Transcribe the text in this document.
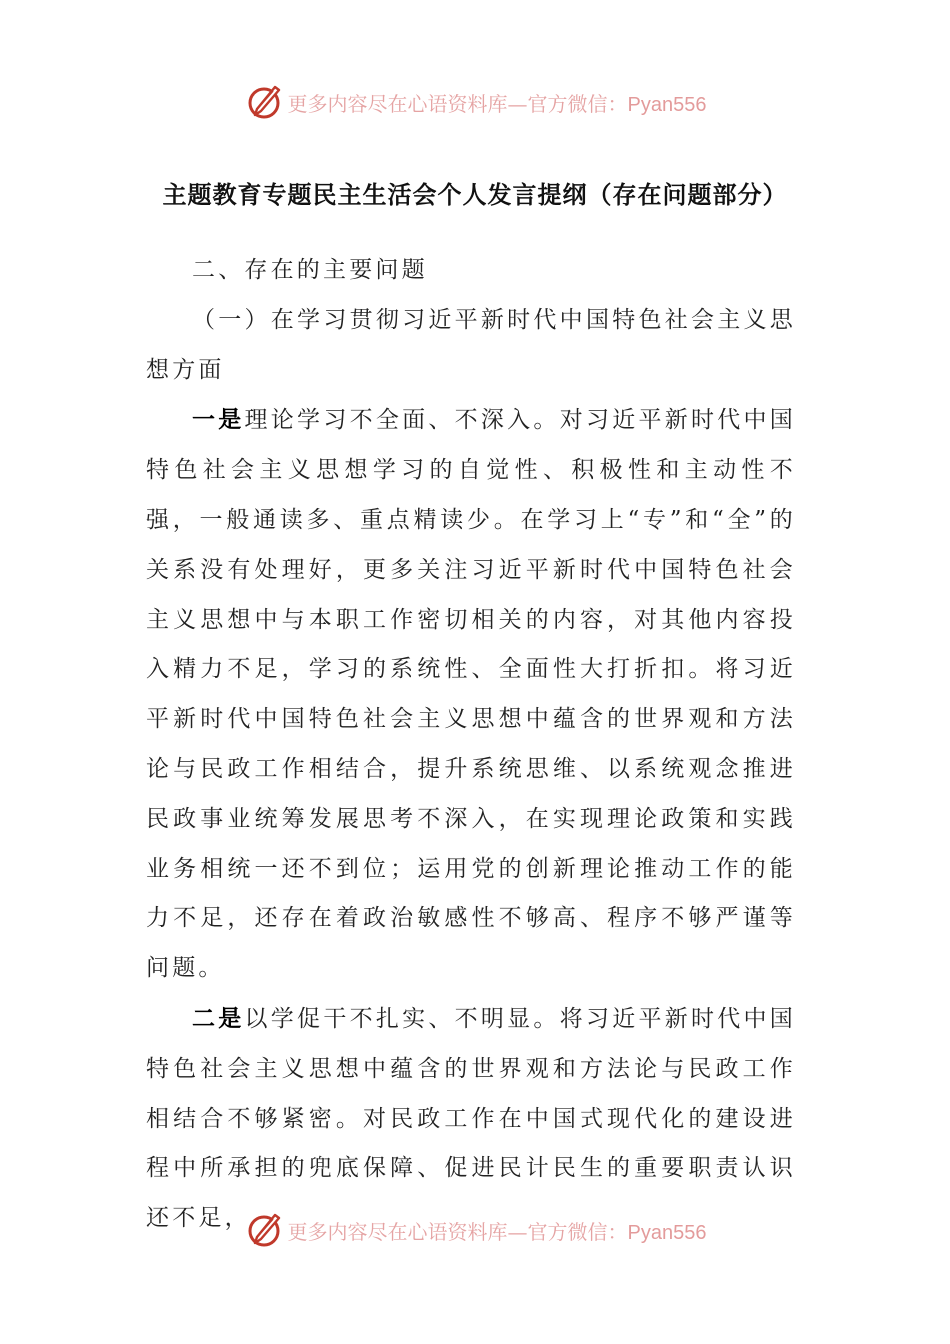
更多内容尽在心语资料库—官方微信：Pyan556
主题教育专题民主生活会个人发言提纲（存在问题部分）

二、存在的主要问题

（一）在学习贯彻习近平新时代中国特色社会主义思想方面

一是理论学习不全面、不深入。对习近平新时代中国特色社会主义思想学习的自觉性、积极性和主动性不强，一般通读多、重点精读少。在学习上“专”和“全”的关系没有处理好，更多关注习近平新时代中国特色社会主义思想中与本职工作密切相关的内容，对其他内容投入精力不足，学习的系统性、全面性大打折扣。将习近平新时代中国特色社会主义思想中蕴含的世界观和方法论与民政工作相结合，提升系统思维、以系统观念推进民政事业统筹发展思考不深入，在实现理论政策和实践业务相统一还不到位；运用党的创新理论推动工作的能力不足，还存在着政治敏感性不够高、程序不够严谨等问题。

二是以学促干不扎实、不明显。将习近平新时代中国特色社会主义思想中蕴含的世界观和方法论与民政工作相结合不够紧密。对民政工作在中国式现代化的建设进程中所承担的兜底保障、促进民计民生的重要职责认识还不足，

更多内容尽在心语资料库—官方微信：Pyan556
